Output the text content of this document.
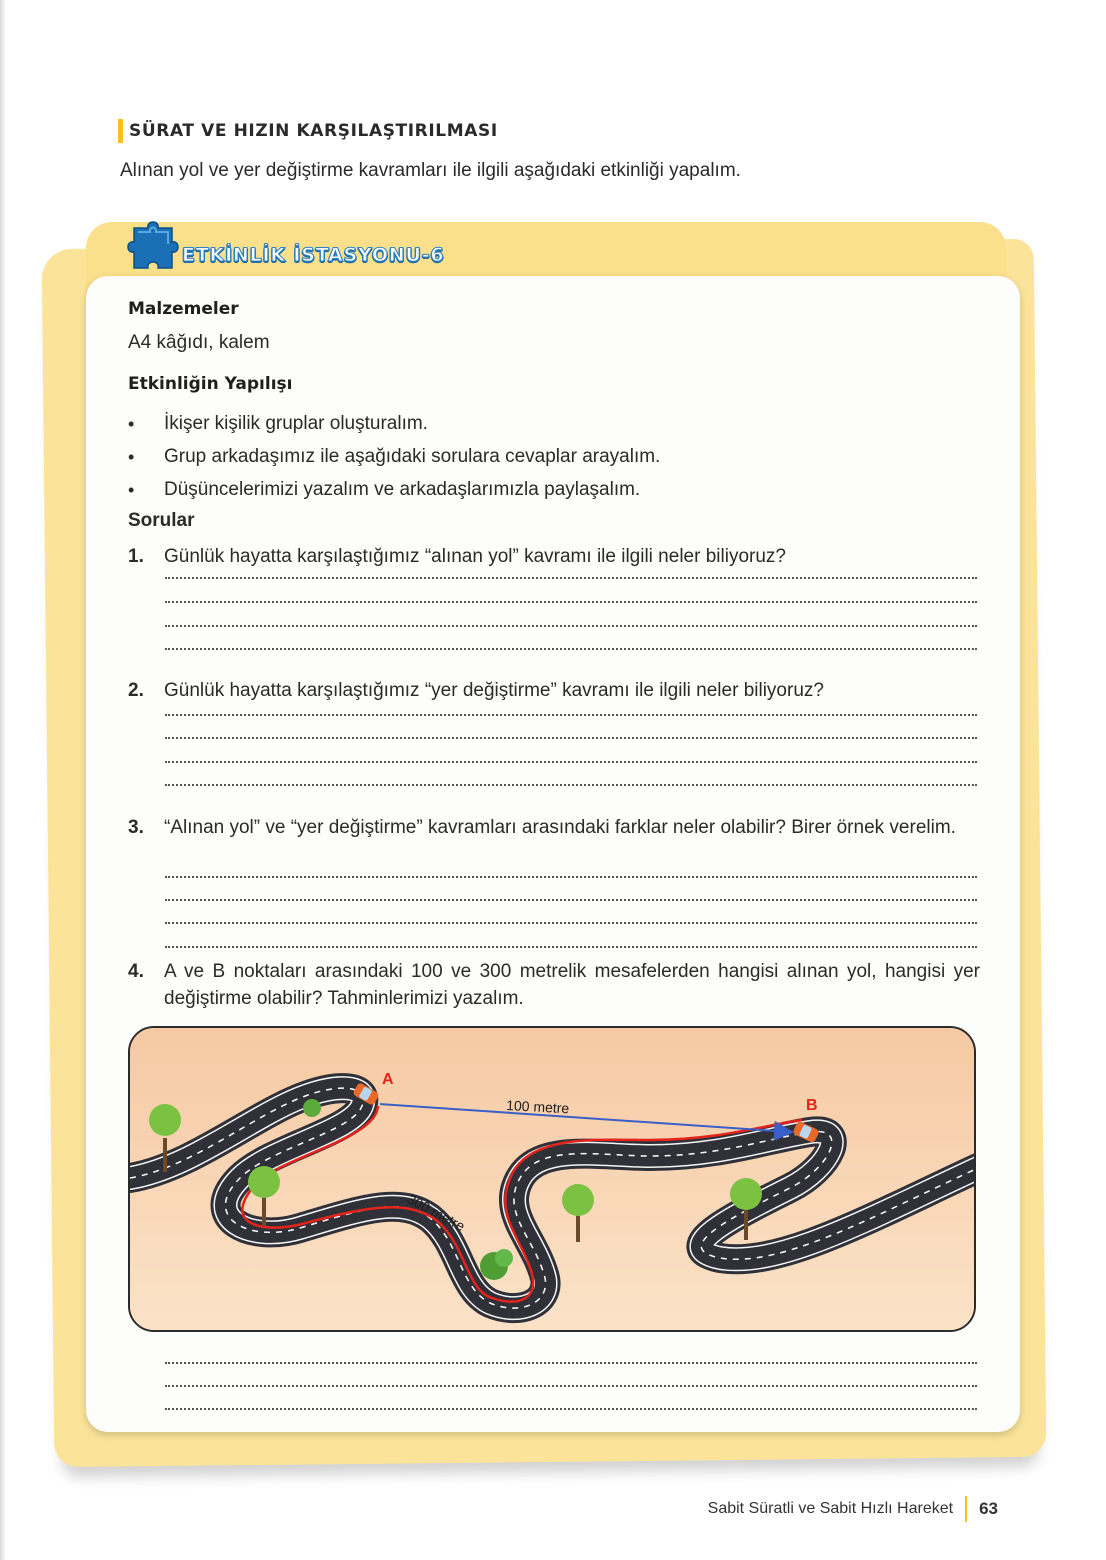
SÜRAT VE HIZIN KARŞILAŞTIRILMASI
Alınan yol ve yer değiştirme kavramları ile ilgili aşağıdaki etkinliği yapalım.
ETKİNLİK İSTASYONU-6
Malzemeler
A4 kâğıdı, kalem
Etkinliğin Yapılışı
•	İkişer kişilik gruplar oluşturalım.
•	Grup arkadaşımız ile aşağıdaki sorulara cevaplar arayalım.
•	Düşüncelerimizi yazalım ve arkadaşlarımızla paylaşalım.
Sorular
1.	Günlük hayatta karşılaştığımız “alınan yol” kavramı ile ilgili neler biliyoruz?
2.	Günlük hayatta karşılaştığımız “yer değiştirme” kavramı ile ilgili neler biliyoruz?
3.	“Alınan yol” ve “yer değiştirme” kavramları arasındaki farklar neler olabilir? Birer örnek verelim.
4.	A ve B noktaları arasındaki 100 ve 300 metrelik mesafelerden hangisi alınan yol, hangisi yer değiştirme olabilir? Tahminlerimizi yazalım.
A
B
100 metre
300 metre
Sabit Süratli ve Sabit Hızlı Hareket 63
